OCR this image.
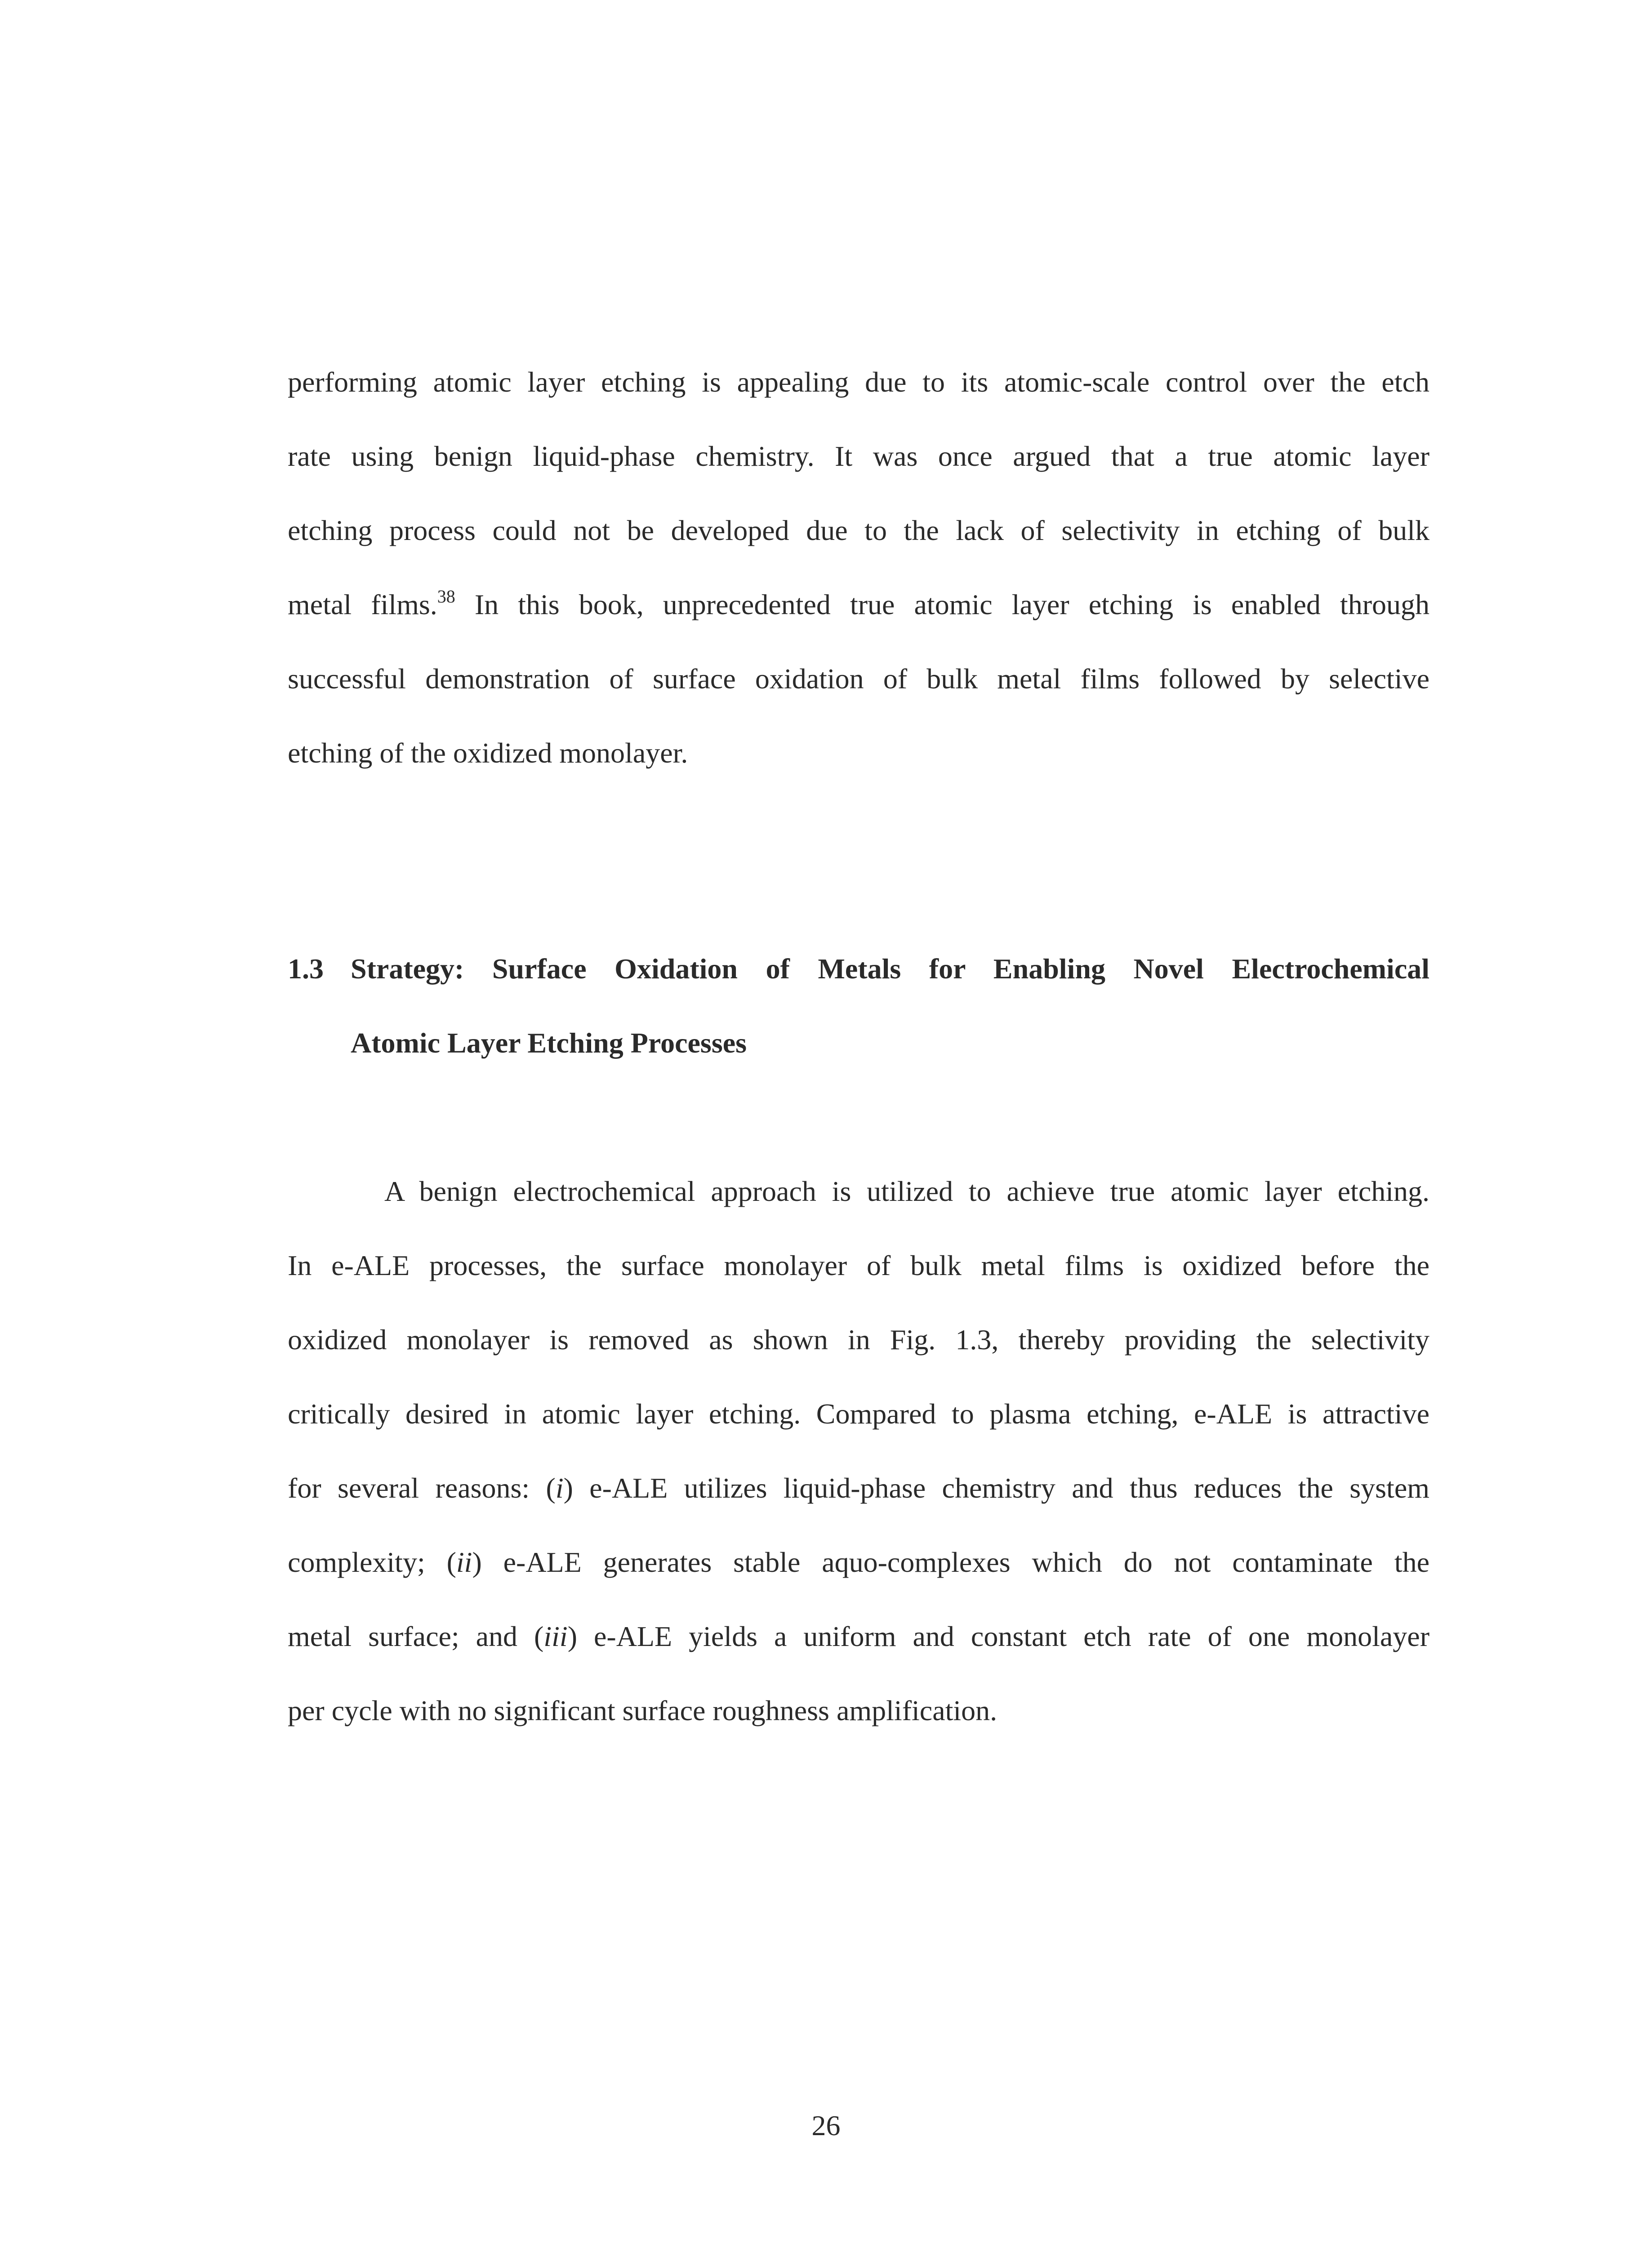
performing atomic layer etching is appealing due to its atomic-scale control over the etch
rate using benign liquid-phase chemistry. It was once argued that a true atomic layer
etching process could not be developed due to the lack of selectivity in etching of bulk
metal films.$^{38}$ In this book, unprecedented true atomic layer etching is enabled through
successful demonstration of surface oxidation of bulk metal films followed by selective
etching of the oxidized monolayer.
1.3 Strategy: Surface Oxidation of Metals for Enabling Novel Electrochemical
Atomic Layer Etching Processes
A benign electrochemical approach is utilized to achieve true atomic layer etching.
In e-ALE processes, the surface monolayer of bulk metal films is oxidized before the
oxidized monolayer is removed as shown in Fig. 1.3, thereby providing the selectivity
critically desired in atomic layer etching. Compared to plasma etching, e-ALE is attractive
for several reasons: (i) e-ALE utilizes liquid-phase chemistry and thus reduces the system
complexity; (ii) e-ALE generates stable aquo-complexes which do not contaminate the
metal surface; and (iii) e-ALE yields a uniform and constant etch rate of one monolayer
per cycle with no significant surface roughness amplification.
26
